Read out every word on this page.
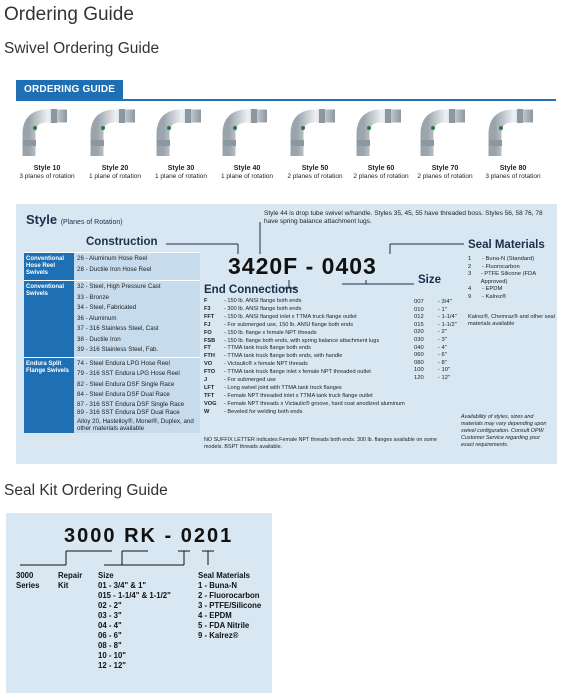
Ordering Guide
Swivel Ordering Guide
ORDERING GUIDE
Style 10
3 planes of rotation
Style 20
1 plane of rotation
Style 30
1 plane of rotation
Style 40
1 plane of rotation
Style 50
2 planes of rotation
Style 60
2 planes of rotation
Style 70
2 planes of rotation
Style 80
3 planes of rotation
Style (Planes of Rotation)
Style 44 is drop tube swivel w/handle. Styles 35, 45, 55 have threaded boss. Styles 56, 58 76, 78 have spring balance attachment lugs.
Construction
Conventional Hose Reel Swivels
26 - Aluminum Hose Reel
28 - Ductile Iron Hose Reel
Conventional Swivels
32 - Steel, High Pressure Cast
33 - Bronze
34 - Steel, Fabricated
36 - Aluminum
37 - 316 Stainless Steel, Cast
38 - Ductile Iron
39 - 316 Stainless Steel, Fab.
Endura Split Flange Swivels
74 - Steel Endura LPG Hose Reel
79 - 316 SST Endura LPG Hose Reel
82 - Steel Endura DSF Single Race
84 - Steel Endura DSF Dual Race
87 - 316 SST Endura DSF Single Race
89 - 316 SST Endura DSF Dual Race
Alloy 20, Hastelloy®, Monel®, Duplex, and other materials available
3420F - 0403
End Connections
F	- 150 lb. ANSI flange both ends
F3	- 300 lb. ANSI flange both ends
FFT	- 150 lb. ANSI flanged inlet x TTMA truck flange outlet
FJ	- For submerged use, 150 lb. ANSI flange both ends
FO	- 150 lb. flange x female NPT threads
FSB	- 150 lb. flange both ends, with spring balance attachment lugs
FT	- TTMA tank truck flange both ends
FTH	- TTMA tank truck flange both ends, with handle
VO	- Victaulic® x female NPT threads
FTO	- TTMA tank truck flange inlet x female NPT threaded outlet
J	- For submerged use
LFT	- Long swivel joint with TTMA tank truck flanges
TFT	- Female NPT threaded inlet x TTMA tank truck flange outlet
VOG	- Female NPT threads x Victaulic® groove, hard coat anodized aluminum
W	- Beveled for welding both ends
Size
007	- 3/4"
010	- 1"
012	- 1-1/4"
015	- 1-1/2"
020	- 2"
030	- 3"
040	- 4"
060	- 6"
080	- 8"
100	- 10"
120	- 12"
Seal Materials
1	- Buna-N (Standard)
2	- Fluorocarbon
3	- PTFE Silicone (FDA Approved)
4	- EPDM
9	- Kalrez®
Kalrez®, Chemraz® and other seal materials available
Availability of styles, sizes and materials may vary depending upon swivel configuration. Consult OPW Customer Service regarding your exact requirements.
NO SUFFIX LETTER indicates Female NPT threads both ends. 300 lb. flanges available on some models. BSPT threads available.
Seal Kit Ordering Guide
3000 RK - 0201
3000
Series
Repair
Kit
Size
01 - 3/4" & 1"
015 - 1-1/4" & 1-1/2"
02 - 2"
03 - 3"
04 - 4"
06 - 6"
08 - 8"
10 - 10"
12 - 12"
Seal Materials
1 - Buna-N
2 - Fluorocarbon
3 - PTFE/Silicone
4 - EPDM
5 - FDA Nitrile
9 - Kalrez®
